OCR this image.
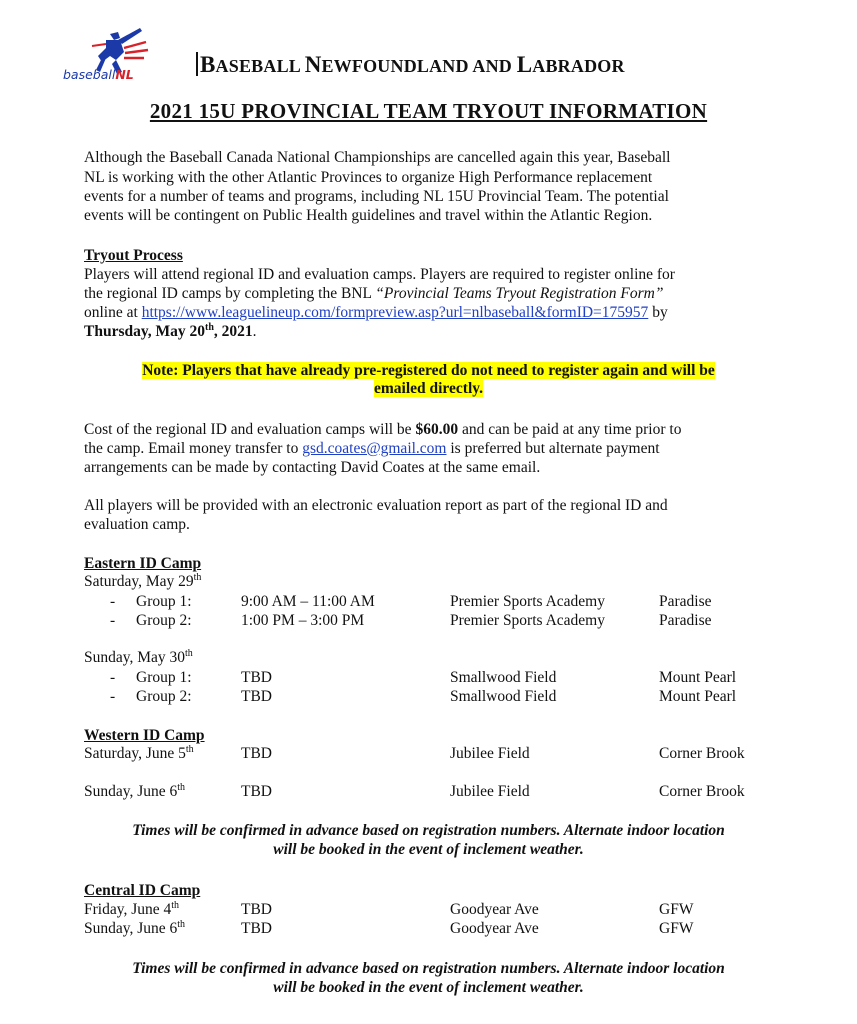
baseballNL	BASEBALL NEWFOUNDLAND AND LABRADOR
2021 15U PROVINCIAL TEAM TRYOUT INFORMATION
Although the Baseball Canada National Championships are cancelled again this year, Baseball
NL is working with the other Atlantic Provinces to organize High Performance replacement
events for a number of teams and programs, including NL 15U Provincial Team. The potential
events will be contingent on Public Health guidelines and travel within the Atlantic Region.
Tryout Process
Players will attend regional ID and evaluation camps. Players are required to register online for
the regional ID camps by completing the BNL “Provincial Teams Tryout Registration Form”
online at https://www.leaguelineup.com/formpreview.asp?url=nlbaseball&formID=175957 by
Thursday, May 20th, 2021.
Note: Players that have already pre-registered do not need to register again and will be
emailed directly.
Cost of the regional ID and evaluation camps will be $60.00 and can be paid at any time prior to
the camp. Email money transfer to gsd.coates@gmail.com is preferred but alternate payment
arrangements can be made by contacting David Coates at the same email.
All players will be provided with an electronic evaluation report as part of the regional ID and
evaluation camp.
Eastern ID Camp
Saturday, May 29th
- Group 1:	9:00 AM – 11:00 AM	Premier Sports Academy	Paradise
- Group 2:	1:00 PM – 3:00 PM	Premier Sports Academy	Paradise
Sunday, May 30th
- Group 1:	TBD	Smallwood Field	Mount Pearl
- Group 2:	TBD	Smallwood Field	Mount Pearl
Western ID Camp
Saturday, June 5th	TBD	Jubilee Field	Corner Brook
Sunday, June 6th	TBD	Jubilee Field	Corner Brook
Times will be confirmed in advance based on registration numbers. Alternate indoor location
will be booked in the event of inclement weather.
Central ID Camp
Friday, June 4th	TBD	Goodyear Ave	GFW
Sunday, June 6th	TBD	Goodyear Ave	GFW
Times will be confirmed in advance based on registration numbers. Alternate indoor location
will be booked in the event of inclement weather.
